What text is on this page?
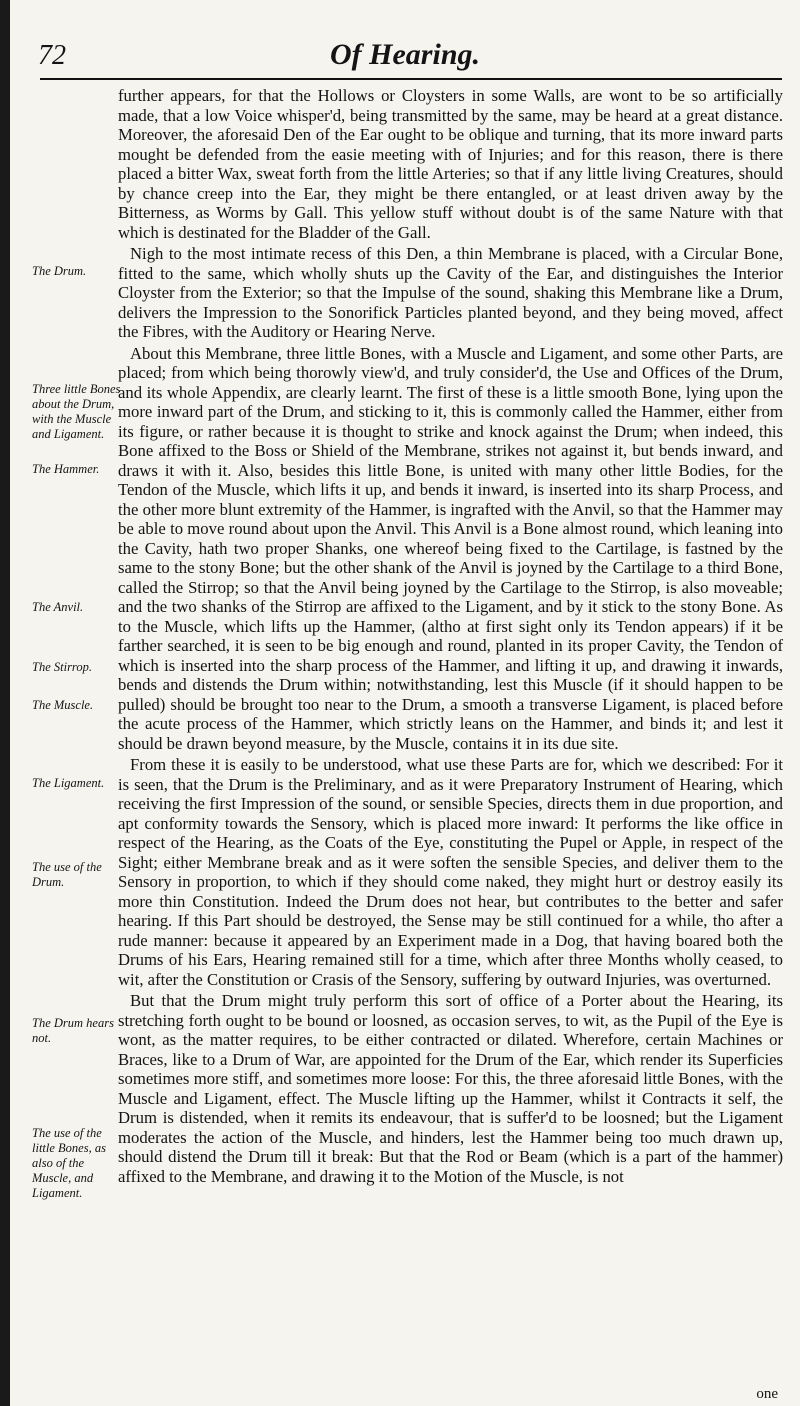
72	Of Hearing.
The Drum.
Three little Bones about the Drum, with the Muscle and Ligament.
The Hammer.
The Anvil.
The Stirrop.
The Muscle.
The Ligament.
The use of the Drum.
The Drum hears not.
The use of the little Bones, as also of the Muscle, and Ligament.

further appears, for that the Hollows or Cloysters in some Walls, are wont to be so artificially made, that a low Voice whisper'd, being transmitted by the same, may be heard at a great distance. Moreover, the aforesaid Den of the Ear ought to be oblique and turning, that its more inward parts mought be defended from the easie meeting with of Injuries; and for this reason, there is there placed a bitter Wax, sweat forth from the little Arteries; so that if any little living Creatures, should by chance creep into the Ear, they might be there entangled, or at least driven away by the Bitterness, as Worms by Gall. This yellow stuff without doubt is of the same Nature with that which is destinated for the Bladder of the Gall.

Nigh to the most intimate recess of this Den, a thin Membrane is placed, with a Circular Bone, fitted to the same, which wholly shuts up the Cavity of the Ear, and distinguishes the Interior Cloyster from the Exterior; so that the Impulse of the sound, shaking this Membrane like a Drum, delivers the Impression to the Sonorifick Particles planted beyond, and they being moved, affect the Fibres, with the Auditory or Hearing Nerve.

About this Membrane, three little Bones, with a Muscle and Ligament, and some other Parts, are placed; from which being thorowly view'd, and truly consider'd, the Use and Offices of the Drum, and its whole Appendix, are clearly learnt. The first of these is a little smooth Bone, lying upon the more inward part of the Drum, and sticking to it, this is commonly called the Hammer, either from its figure, or rather because it is thought to strike and knock against the Drum; when indeed, this Bone affixed to the Boss or Shield of the Membrane, strikes not against it, but bends inward, and draws it with it. Also, besides this little Bone, is united with many other little Bodies, for the Tendon of the Muscle, which lifts it up, and bends it inward, is inserted into its sharp Process, and the other more blunt extremity of the Hammer, is ingrafted with the Anvil, so that the Hammer may be able to move round about upon the Anvil. This Anvil is a Bone almost round, which leaning into the Cavity, hath two proper Shanks, one whereof being fixed to the Cartilage, is fastned by the same to the stony Bone; but the other shank of the Anvil is joyned by the Cartilage to a third Bone, called the Stirrop; so that the Anvil being joyned by the Cartilage to the Stirrop, is also moveable; and the two shanks of the Stirrop are affixed to the Ligament, and by it stick to the stony Bone. As to the Muscle, which lifts up the Hammer, (altho at first sight only its Tendon appears) if it be farther searched, it is seen to be big enough and round, planted in its proper Cavity, the Tendon of which is inserted into the sharp process of the Hammer, and lifting it up, and drawing it inwards, bends and distends the Drum within; notwithstanding, lest this Muscle (if it should happen to be pulled) should be brought too near to the Drum, a smooth a transverse Ligament, is placed before the acute process of the Hammer, which strictly leans on the Hammer, and binds it; and lest it should be drawn beyond measure, by the Muscle, contains it in its due site.

From these it is easily to be understood, what use these Parts are for, which we described: For it is seen, that the Drum is the Preliminary, and as it were Preparatory Instrument of Hearing, which receiving the first Impression of the sound, or sensible Species, directs them in due proportion, and apt conformity towards the Sensory, which is placed more inward: It performs the like office in respect of the Hearing, as the Coats of the Eye, constituting the Pupel or Apple, in respect of the Sight; either Membrane break and as it were soften the sensible Species, and deliver them to the Sensory in proportion, to which if they should come naked, they might hurt or destroy easily its more thin Constitution. Indeed the Drum does not hear, but contributes to the better and safer hearing. If this Part should be destroyed, the Sense may be still continued for a while, tho after a rude manner: because it appeared by an Experiment made in a Dog, that having boared both the Drums of his Ears, Hearing remained still for a time, which after three Months wholly ceased, to wit, after the Constitution or Crasis of the Sensory, suffering by outward Injuries, was overturned.

But that the Drum might truly perform this sort of office of a Porter about the Hearing, its stretching forth ought to be bound or loosned, as occasion serves, to wit, as the Pupil of the Eye is wont, as the matter requires, to be either contracted or dilated. Wherefore, certain Machines or Braces, like to a Drum of War, are appointed for the Drum of the Ear, which render its Superficies sometimes more stiff, and sometimes more loose: For this, the three aforesaid little Bones, with the Muscle and Ligament, effect. The Muscle lifting up the Hammer, whilst it Contracts it self, the Drum is distended, when it remits its endeavour, that is suffer'd to be loosned; but the Ligament moderates the action of the Muscle, and hinders, lest the Hammer being too much drawn up, should distend the Drum till it break: But that the Rod or Beam (which is a part of the hammer) affixed to the Membrane, and drawing it to the Motion of the Muscle, is not

one
